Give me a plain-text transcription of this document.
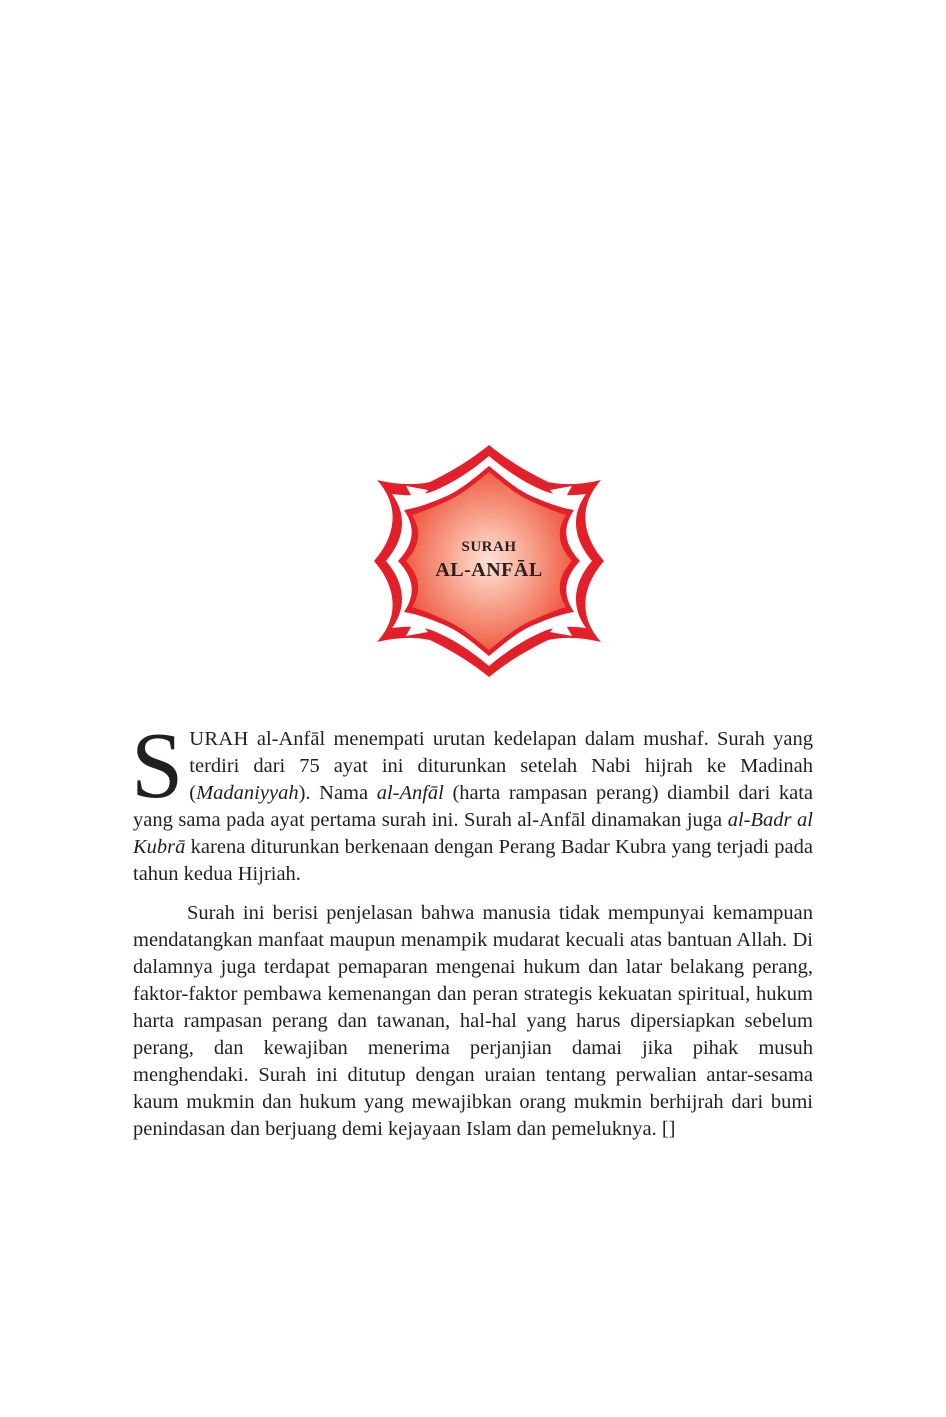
SURAH
AL-ANFĀL

SURAH al-Anfāl menempati urutan kedelapan dalam mushaf. Surah yang terdiri dari 75 ayat ini diturunkan setelah Nabi hijrah ke Madinah (Madaniyyah). Nama al-Anfāl (harta rampasan perang) diambil dari kata yang sama pada ayat pertama surah ini. Surah al-Anfāl dinamakan juga al-Badr al Kubrā karena diturunkan berkenaan dengan Perang Badar Kubra yang terjadi pada tahun kedua Hijriah.

Surah ini berisi penjelasan bahwa manusia tidak mempunyai kemampuan mendatangkan manfaat maupun menampik mudarat kecuali atas bantuan Allah. Di dalamnya juga terdapat pemaparan mengenai hukum dan latar belakang perang, faktor-faktor pembawa kemenangan dan peran strategis kekuatan spiritual, hukum harta rampasan perang dan tawanan, hal-hal yang harus dipersiapkan sebelum perang, dan kewajiban menerima perjanjian damai jika pihak musuh menghendaki. Surah ini ditutup dengan uraian tentang perwalian antar-sesama kaum mukmin dan hukum yang mewajibkan orang mukmin berhijrah dari bumi penindasan dan berjuang demi kejayaan Islam dan pemeluknya. []
